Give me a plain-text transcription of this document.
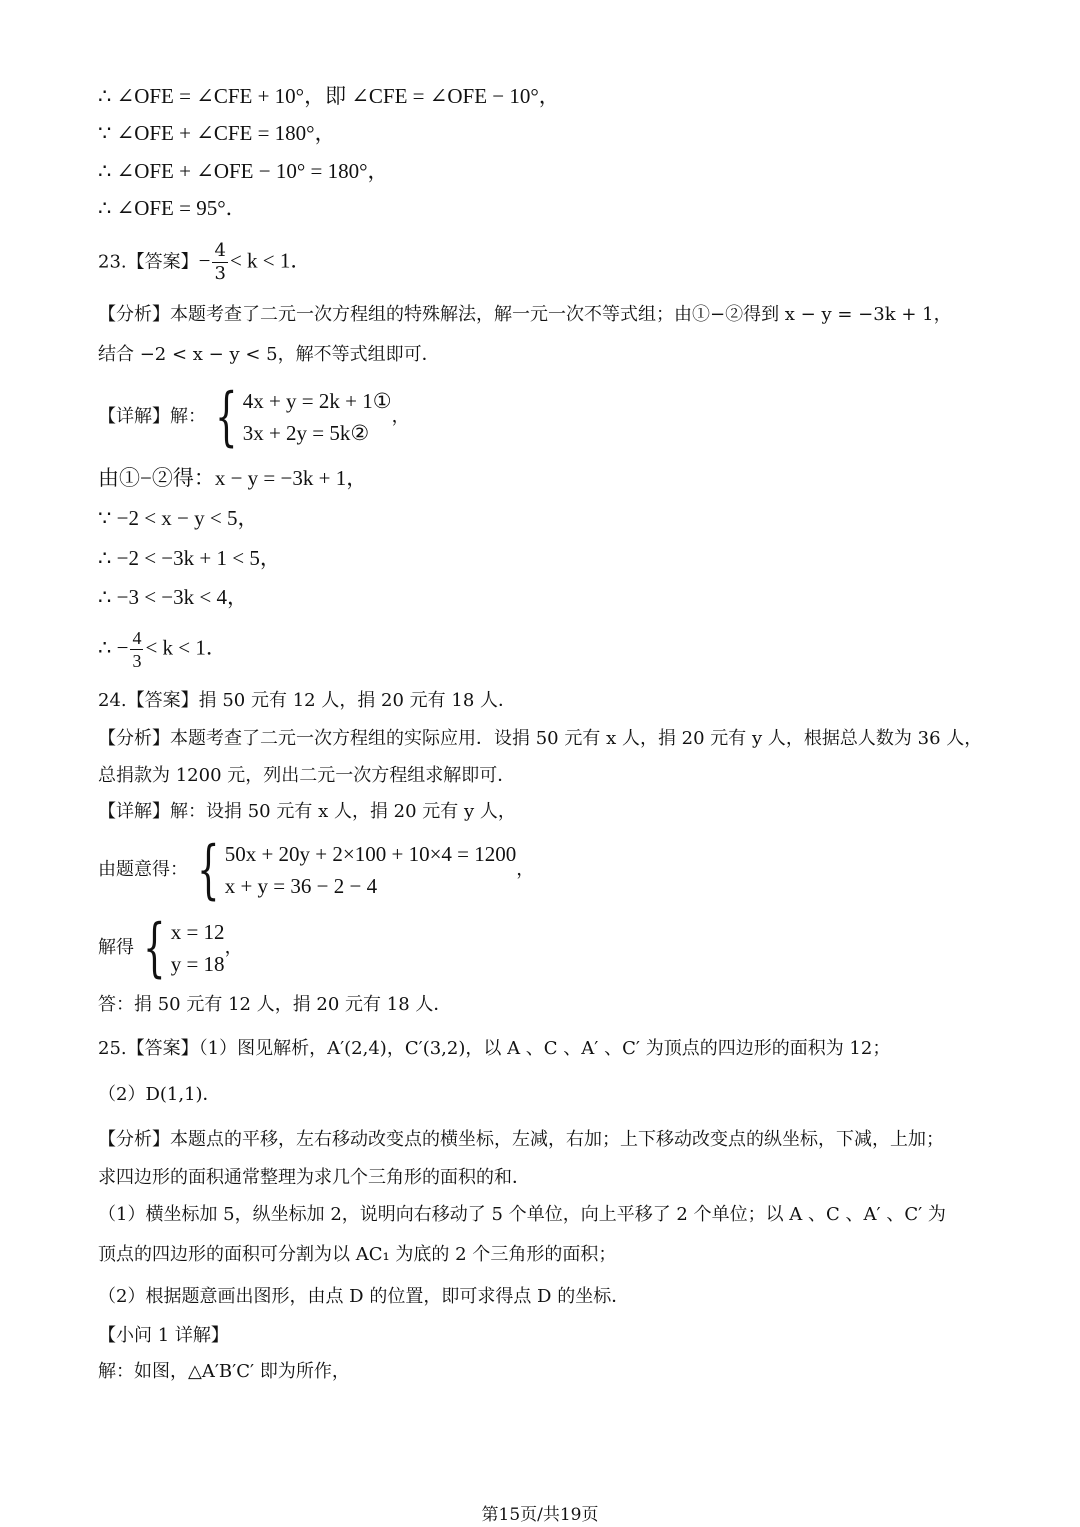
∴ ∠OFE = ∠CFE + 10°，即 ∠CFE = ∠OFE − 10°，
∵ ∠OFE + ∠CFE = 180°，
∴ ∠OFE + ∠OFE − 10° = 180°，
∴ ∠OFE = 95°．
23.【答案】− $\frac{4}{3} < k < 1$．
【分析】本题考查了二元一次方程组的特殊解法，解一元一次不等式组；由①−②得到 x − y = −3k + 1，
结合 −2 < x − y < 5，解不等式组即可．
【详解】解： { 4x + y = 2k + 1①
3x + 2y = 5k②
，
由①−②得：x − y = −3k + 1，
∵ −2 < x − y < 5，
∴ −2 < −3k + 1 < 5，
∴ −3 < −3k < 4，
∴ − $\frac{4}{3} < k < 1$．
24.【答案】捐 50 元有 12 人，捐 20 元有 18 人．
【分析】本题考查了二元一次方程组的实际应用．设捐 50 元有 x 人，捐 20 元有 y 人，根据总人数为 36 人，
总捐款为 1200 元，列出二元一次方程组求解即可．
【详解】解：设捐 50 元有 x 人，捐 20 元有 y 人，
由题意得： { 50x + 20y + 2×100 + 10×4 = 1200
x + y = 36 − 2 − 4
，
解得 { x = 12
y = 18
，
答：捐 50 元有 12 人，捐 20 元有 18 人．
25.【答案】（1）图见解析，A′(2,4)，C′(3,2)，以 A 、C 、A′ 、C′ 为顶点的四边形的面积为 12；
（2）D(1,1)．
【分析】本题点的平移，左右移动改变点的横坐标，左减，右加；上下移动改变点的纵坐标，下减，上加；
求四边形的面积通常整理为求几个三角形的面积的和．
（1）横坐标加 5，纵坐标加 2，说明向右移动了 5 个单位，向上平移了 2 个单位；以 A 、C 、A′ 、C′ 为
顶点的四边形的面积可分割为以 AC₁ 为底的 2 个三角形的面积；
（2）根据题意画出图形，由点 D 的位置，即可求得点 D 的坐标．
【小问 1 详解】
解：如图，△A′B′C′ 即为所作，
第15页/共19页
